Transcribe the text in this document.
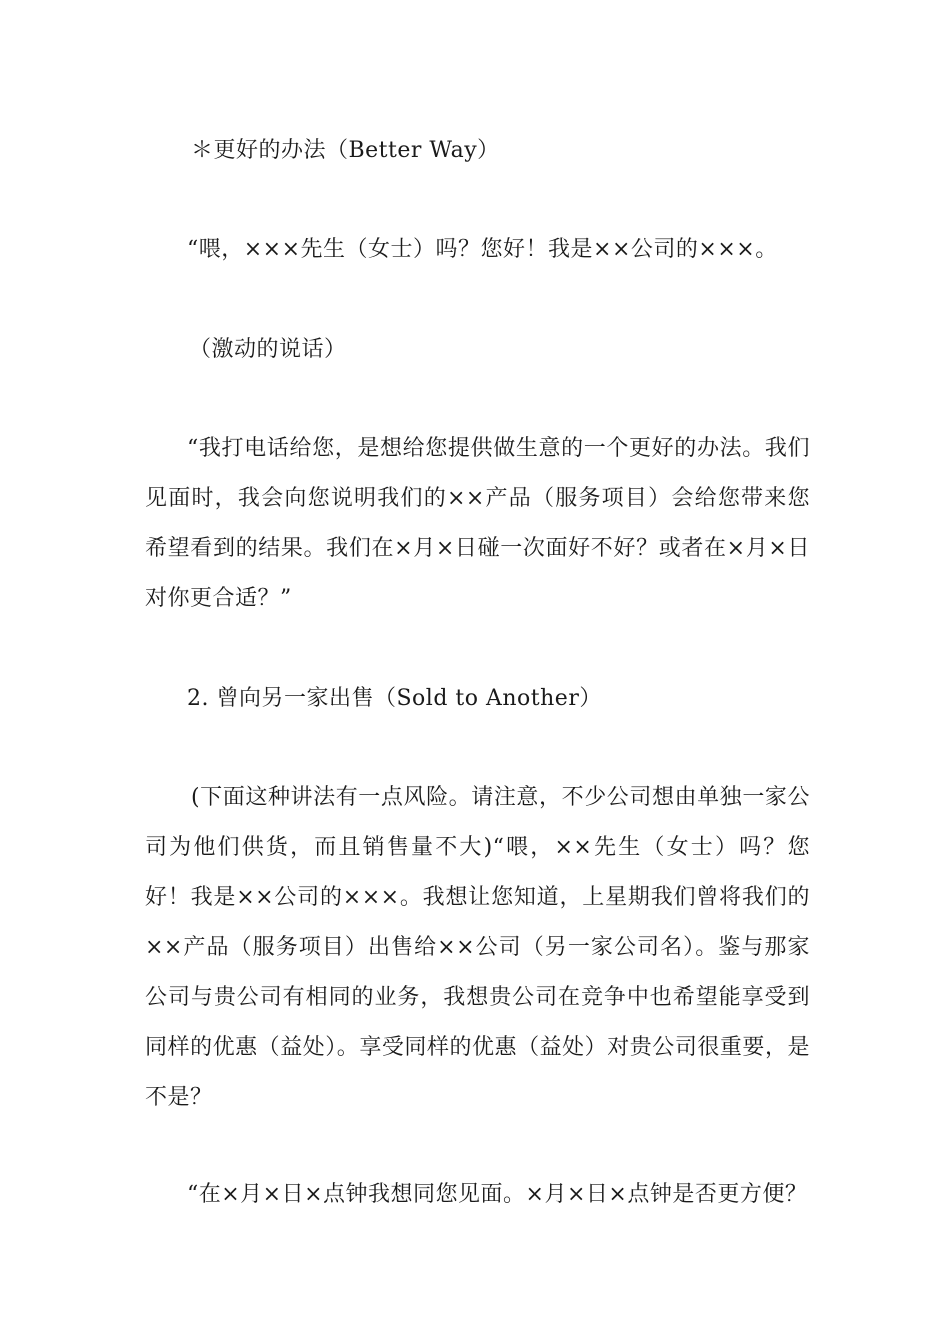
＊更好的办法（Better Way）

“喂，×××先生（女士）吗？您好！我是××公司的×××。

（激动的说话）

“我打电话给您，是想给您提供做生意的一个更好的办法。我们见面时，我会向您说明我们的××产品（服务项目）会给您带来您希望看到的结果。我们在×月×日碰一次面好不好？或者在×月×日对你更合适？”

2. 曾向另一家出售（Sold to Another）

(下面这种讲法有一点风险。请注意，不少公司想由单独一家公司为他们供货，而且销售量不大)“喂，××先生（女士）吗？您好！我是××公司的×××。我想让您知道，上星期我们曾将我们的××产品（服务项目）出售给××公司（另一家公司名）。鉴与那家公司与贵公司有相同的业务，我想贵公司在竞争中也希望能享受到同样的优惠（益处）。享受同样的优惠（益处）对贵公司很重要，是不是？

“在×月×日×点钟我想同您见面。×月×日×点钟是否更方便？
